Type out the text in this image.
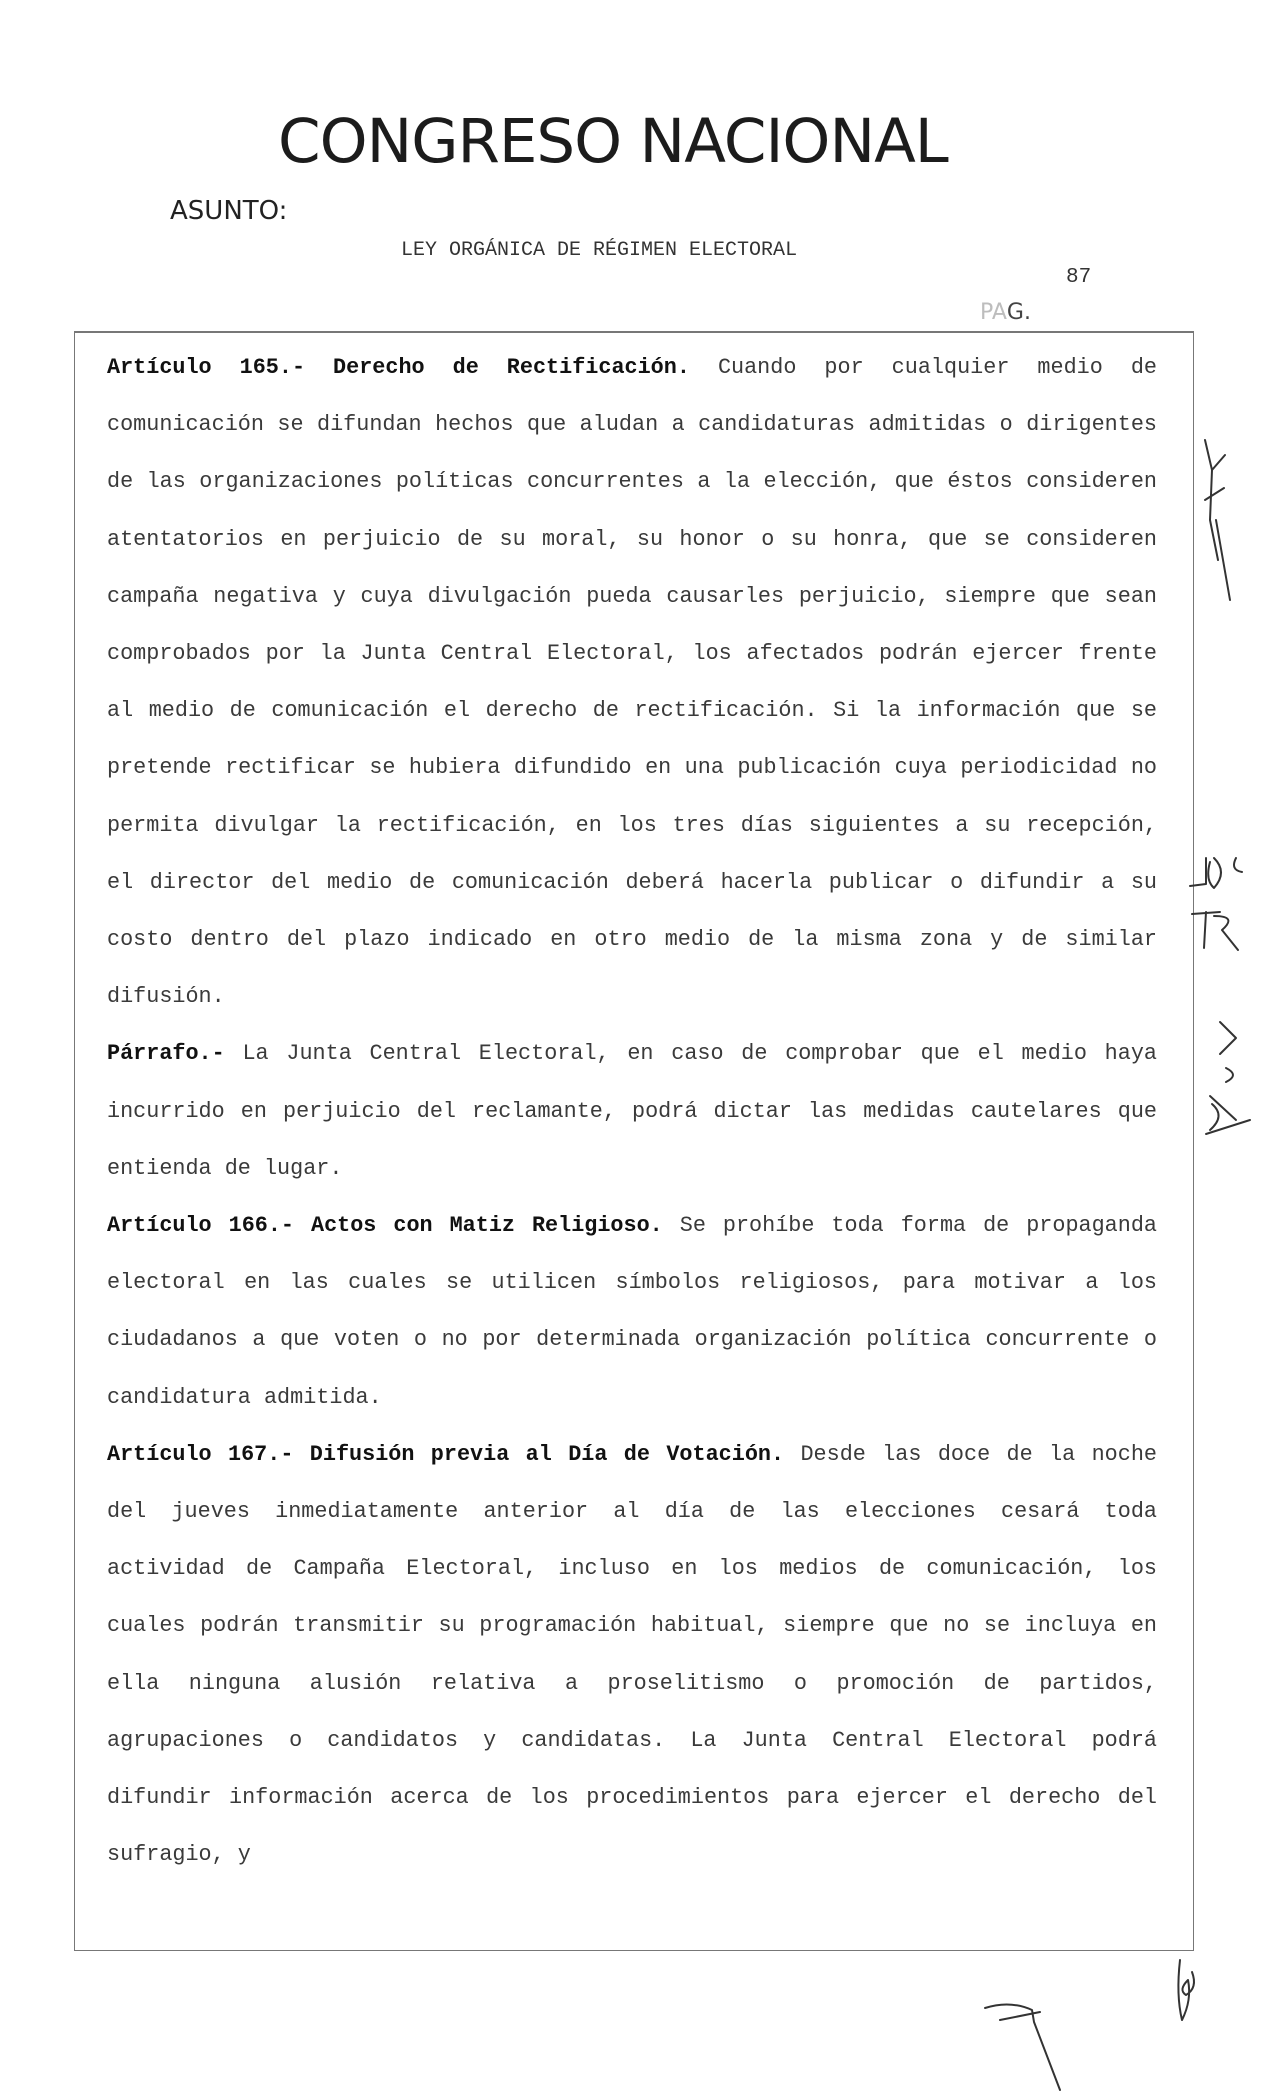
CONGRESO NACIONAL
ASUNTO:
LEY ORGÁNICA DE RÉGIMEN ELECTORAL
87
PA G.

Artículo 165.- Derecho de Rectificación. Cuando por cualquier medio de comunicación se difundan hechos que aludan a candidaturas admitidas o dirigentes de las organizaciones políticas concurrentes a la elección, que éstos consideren atentatorios en perjuicio de su moral, su honor o su honra, que se consideren campaña negativa y cuya divulgación pueda causarles perjuicio, siempre que sean comprobados por la Junta Central Electoral, los afectados podrán ejercer frente al medio de comunicación el derecho de rectificación. Si la información que se pretende rectificar se hubiera difundido en una publicación cuya periodicidad no permita divulgar la rectificación, en los tres días siguientes a su recepción, el director del medio de comunicación deberá hacerla publicar o difundir a su costo dentro del plazo indicado en otro medio de la misma zona y de similar difusión.

Párrafo.- La Junta Central Electoral, en caso de comprobar que el medio haya incurrido en perjuicio del reclamante, podrá dictar las medidas cautelares que entienda de lugar.

Artículo 166.- Actos con Matiz Religioso. Se prohíbe toda forma de propaganda electoral en las cuales se utilicen símbolos religiosos, para motivar a los ciudadanos a que voten o no por determinada organización política concurrente o candidatura admitida.

Artículo 167.- Difusión previa al Día de Votación. Desde las doce de la noche del jueves inmediatamente anterior al día de las elecciones cesará toda actividad de Campaña Electoral, incluso en los medios de comunicación, los cuales podrán transmitir su programación habitual, siempre que no se incluya en ella ninguna alusión relativa a proselitismo o promoción de partidos, agrupaciones o candidatos y candidatas. La Junta Central Electoral podrá difundir información acerca de los procedimientos para ejercer el derecho del sufragio, y
